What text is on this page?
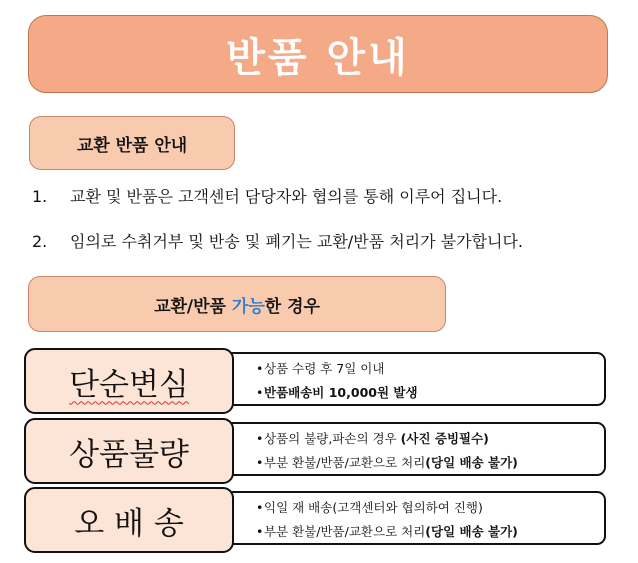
반품 안내
교환 반품 안내
1. 교환 및 반품은 고객센터 담당자와 협의를 통해 이루어 집니다.
2. 임의로 수취거부 및 반송 및 폐기는 교환/반품 처리가 불가합니다.
교환/반품 가능 한 경우
단순변심	•상품 수령 후 7일 이내
•반품배송비 10,000원 발생
상품불량	•상품의 불량,파손의 경우 (사진 증빙필수)
•부분 환불/반품/교환으로 처리(당일 배송 불가)
오 배 송	•익일 재 배송(고객센터와 협의하여 진행)
•부분 환불/반품/교환으로 처리(당일 배송 불가)
